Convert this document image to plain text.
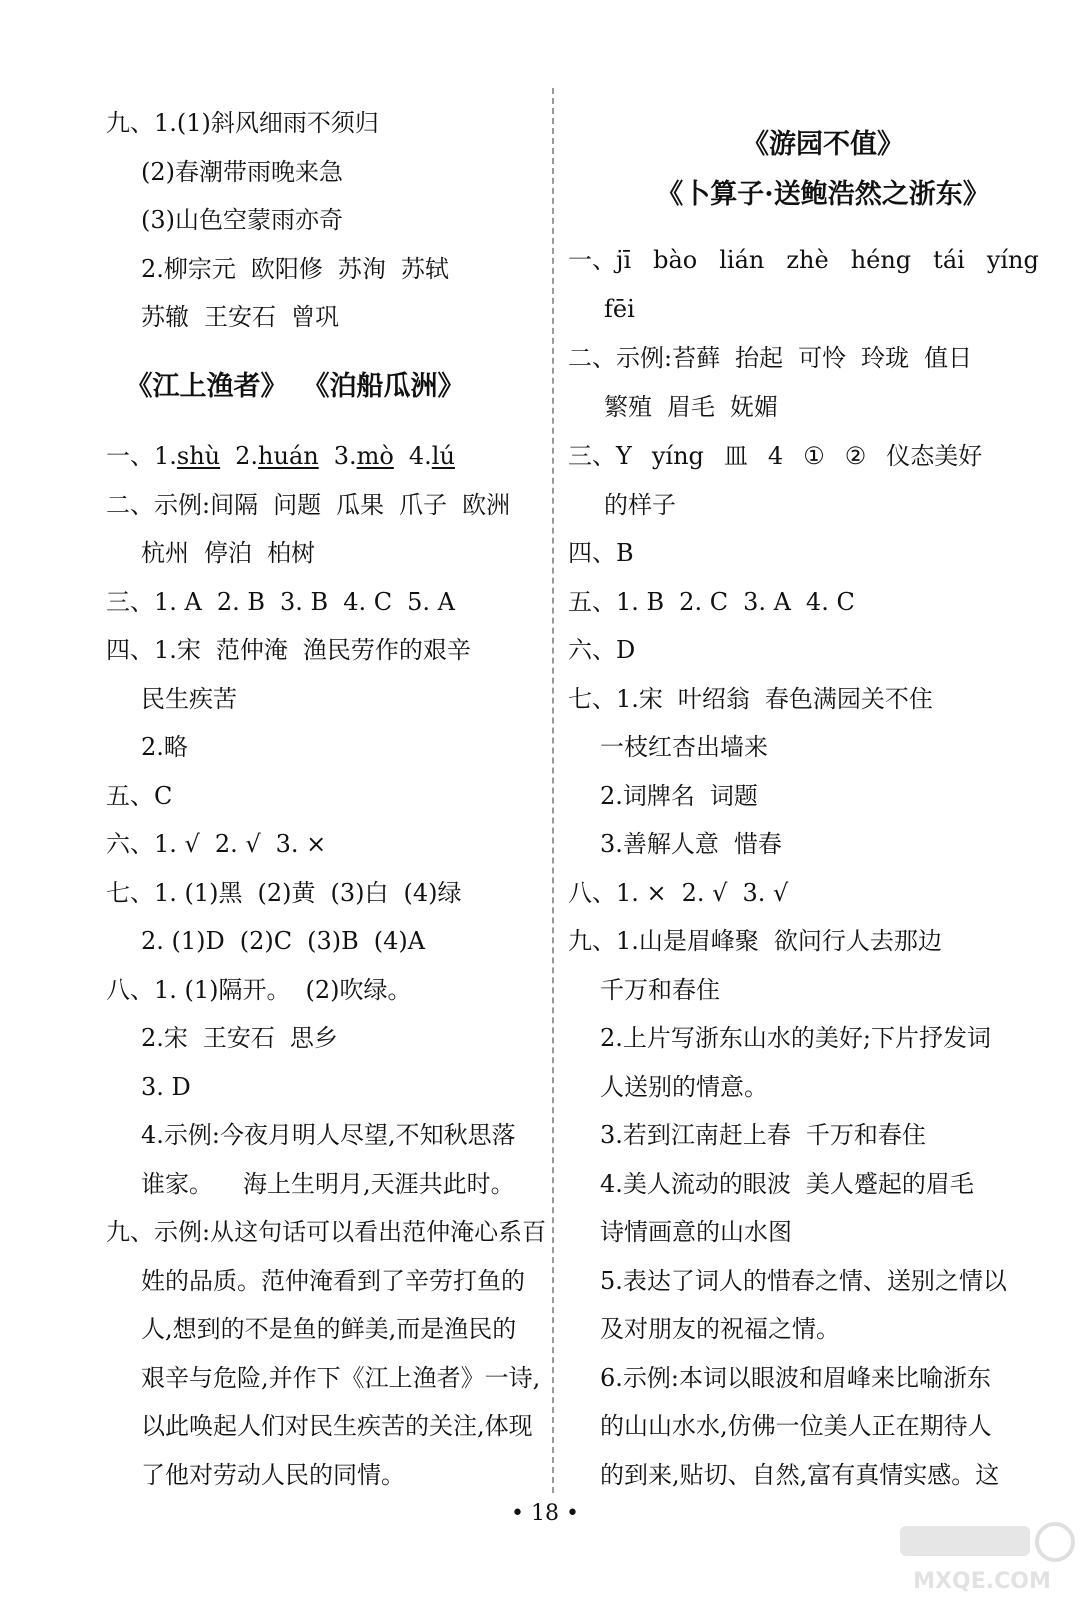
九、1.(1)斜风细雨不须归
(2)春潮带雨晚来急
(3)山色空蒙雨亦奇
2.柳宗元 欧阳修 苏洵 苏轼
苏辙 王安石 曾巩
《江上渔者》 《泊船瓜洲》
一、1.shù 2.huán 3.mò 4.lú
二、示例:间隔 问题 瓜果 爪子 欧洲
杭州 停泊 柏树
三、1. A 2. B 3. B 4. C 5. A
四、1.宋 范仲淹 渔民劳作的艰辛
民生疾苦
2.略
五、C
六、1. √ 2. √ 3. ×
七、1. (1)黑 (2)黄 (3)白 (4)绿
2. (1)D (2)C (3)B (4)A
八、1. (1)隔开。 (2)吹绿。
2.宋 王安石 思乡
3. D
4.示例:今夜月明人尽望,不知秋思落
谁家。 海上生明月,天涯共此时。
九、示例:从这句话可以看出范仲淹心系百
姓的品质。范仲淹看到了辛劳打鱼的
人,想到的不是鱼的鲜美,而是渔民的
艰辛与危险,并作下《江上渔者》一诗,
以此唤起人们对民生疾苦的关注,体现
了他对劳动人民的同情。
《游园不值》
《卜算子·送鲍浩然之浙东》
一、jī bào lián zhè héng tái yíng
fēi
二、示例:苔藓 抬起 可怜 玲珑 值日
繁殖 眉毛 妩媚
三、Y yíng 皿 4 ① ② 仪态美好
的样子
四、B
五、1. B 2. C 3. A 4. C
六、D
七、1.宋 叶绍翁 春色满园关不住
一枝红杏出墙来
2.词牌名 词题
3.善解人意 惜春
八、1. × 2. √ 3. √
九、1.山是眉峰聚 欲问行人去那边
千万和春住
2.上片写浙东山水的美好;下片抒发词
人送别的情意。
3.若到江南赶上春 千万和春住
4.美人流动的眼波 美人蹙起的眉毛
诗情画意的山水图
5.表达了词人的惜春之情、送别之情以
及对朋友的祝福之情。
6.示例:本词以眼波和眉峰来比喻浙东
的山山水水,仿佛一位美人正在期待人
的到来,贴切、自然,富有真情实感。这
• 18 •
MXQE.COM
